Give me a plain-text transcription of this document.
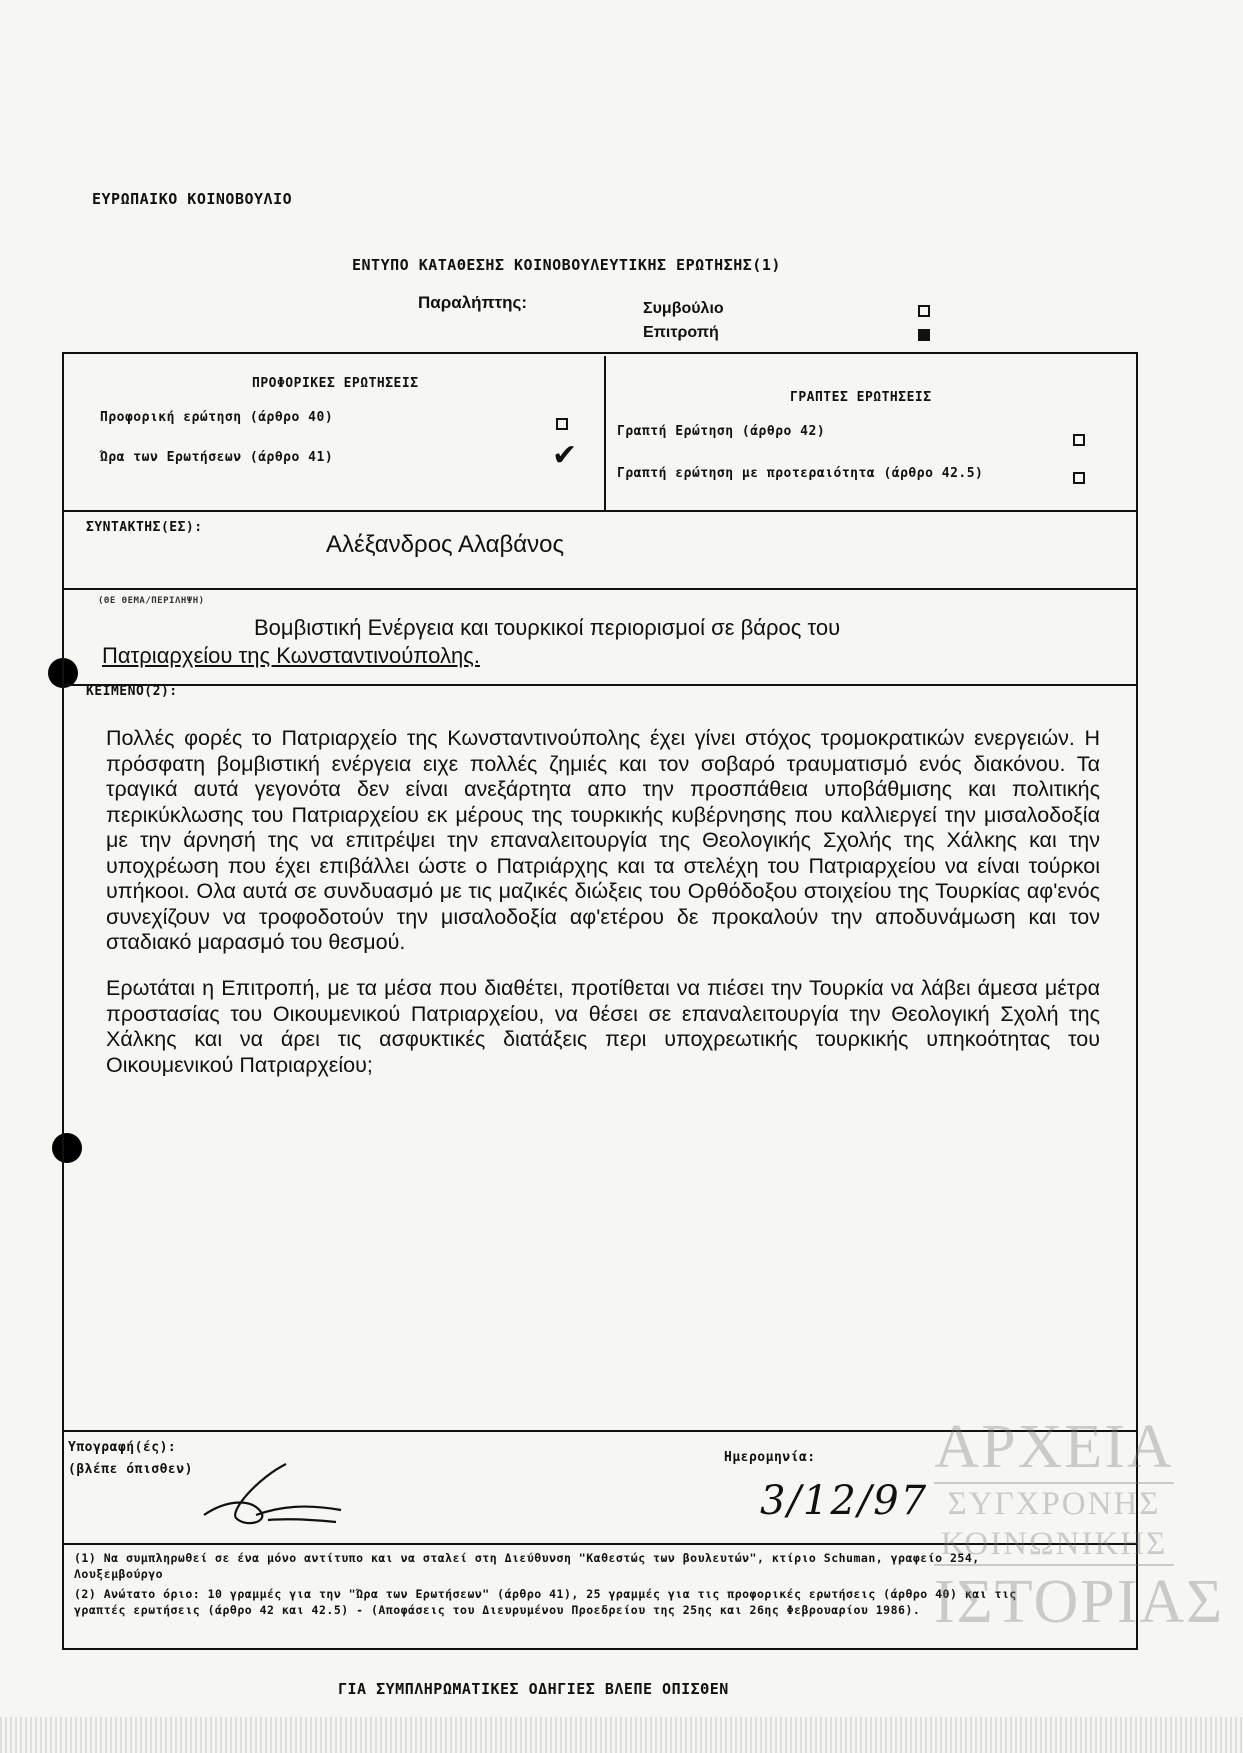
ΕΥΡΩΠΑΙΚΟ ΚΟΙΝΟΒΟΥΛΙΟ
ΕΝΤΥΠΟ ΚΑΤΑΘΕΣΗΣ ΚΟΙΝΟΒΟΥΛΕΥΤΙΚΗΣ ΕΡΩΤΗΣΗΣ(1)
Παραλήπτης:	Συμβούλιο
Επιτροπή
ΠΡΟΦΟΡΙΚΕΣ ΕΡΩΤΗΣΕΙΣ
Προφορική ερώτηση (άρθρο 40)
Ώρα των Ερωτήσεων (άρθρο 41)	✔
ΓΡΑΠΤΕΣ ΕΡΩΤΗΣΕΙΣ
Γραπτή Ερώτηση (άρθρο 42)
Γραπτή ερώτηση με προτεραιότητα (άρθρο 42.5)
ΣΥΝΤΑΚΤΗΣ(ΕΣ):
Αλέξανδρος Αλαβάνος
(ΘΕ ΘΕΜΑ/ΠΕΡΙΛΗΨΗ)
Βομβιστική Ενέργεια και τουρκικοί περιορισμοί σε βάρος του
Πατριαρχείου της Κωνσταντινούπολης.
ΚΕΙΜΕΝΟ(2):
Πολλές φορές το Πατριαρχείο της Κωνσταντινούπολης έχει γίνει στόχος τρομοκρατικών ενεργειών. Η πρόσφατη βομβιστική ενέργεια ειχε πολλές ζημιές και τον σοβαρό τραυματισμό ενός διακόνου. Τα τραγικά αυτά γεγονότα δεν είναι ανεξάρτητα απο την προσπάθεια υποβάθμισης και πολιτικής περικύκλωσης του Πατριαρχείου εκ μέρους της τουρκικής κυβέρνησης που καλλιεργεί την μισαλοδοξία με την άρνησή της να επιτρέψει την επαναλειτουργία της Θεολογικής Σχολής της Χάλκης και την υποχρέωση που έχει επιβάλλει ώστε ο Πατριάρχης και τα στελέχη του Πατριαρχείου να είναι τούρκοι υπήκοοι. Ολα αυτά σε συνδυασμό με τις μαζικές διώξεις του Ορθόδοξου στοιχείου της Τουρκίας αφ'ενός συνεχίζουν να τροφοδοτούν την μισαλοδοξία αφ'ετέρου δε προκαλούν την αποδυνάμωση και τον σταδιακό μαρασμό του θεσμού.
Ερωτάται η Επιτροπή, με τα μέσα που διαθέτει, προτίθεται να πιέσει την Τουρκία να λάβει άμεσα μέτρα προστασίας του Οικουμενικού Πατριαρχείου, να θέσει σε επαναλειτουργία την Θεολογική Σχολή της Χάλκης και να άρει τις ασφυκτικές διατάξεις περι υποχρεωτικής τουρκικής υπηκοότητας του Οικουμενικού Πατριαρχείου;
Υπογραφή(ές):
(βλέπε όπισθεν)
Ημερομηνία:
3/12/97
(1) Να συμπληρωθεί σε ένα μόνο αντίτυπο και να σταλεί στη Διεύθυνση "Καθεστώς των βουλευτών", κτίριο Schuman, γραφείο 254, Λουξεμβούργο
(2) Ανώτατο όριο: 10 γραμμές για την "Ώρα των Ερωτήσεων" (άρθρο 41), 25 γραμμές για τις προφορικές ερωτήσεις (άρθρο 40) και τις γραπτές ερωτήσεις (άρθρο 42 και 42.5) - (Αποφάσεις του Διευρυμένου Προεδρείου της 25ης και 26ης Φεβρουαρίου 1986).
ΓΙΑ ΣΥΜΠΛΗΡΩΜΑΤΙΚΕΣ ΟΔΗΓΙΕΣ ΒΛΕΠΕ ΟΠΙΣΘΕΝ
ΑΡΧΕΙΑ
ΣΥΓΧΡΟΝΗΣ
ΚΟΙΝΩΝΙΚΗΣ
ΙΣΤΟΡΙΑΣ
